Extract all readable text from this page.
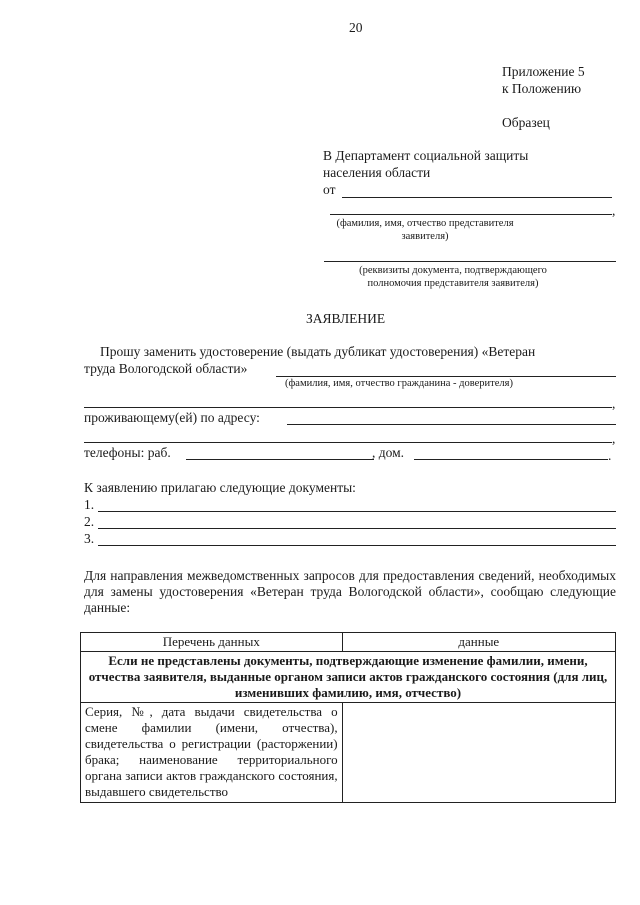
20
Приложение 5
к Положению
Образец
В Департамент социальной защиты
населения области
от
,
(фамилия, имя, отчество представителя
заявителя)
(реквизиты документа, подтверждающего
полномочия представителя заявителя)
ЗАЯВЛЕНИЕ
Прошу заменить удостоверение (выдать дубликат удостоверения) «Ветеран
труда Вологодской области»
(фамилия, имя, отчество гражданина - доверителя)
,
проживающему(ей) по адресу:
,
телефоны: раб.	, дом.	.
К заявлению прилагаю следующие документы:
1.
2.
3.
Для направления межведомственных запросов для предоставления сведений, необходимых для замены удостоверения «Ветеран труда Вологодской области», сообщаю следующие данные:
Перечень данных	данные
Если не представлены документы, подтверждающие изменение фамилии, имени, отчества заявителя, выданные органом записи актов гражданского состояния (для лиц, изменивших фамилию, имя, отчество)	
Серия, №, дата выдачи свидетельства о смене фамилии (имени, отчества), свидетельства о регистрации (расторжении) брака; наименование территориального органа записи актов гражданского состояния, выдавшего свидетельство	
